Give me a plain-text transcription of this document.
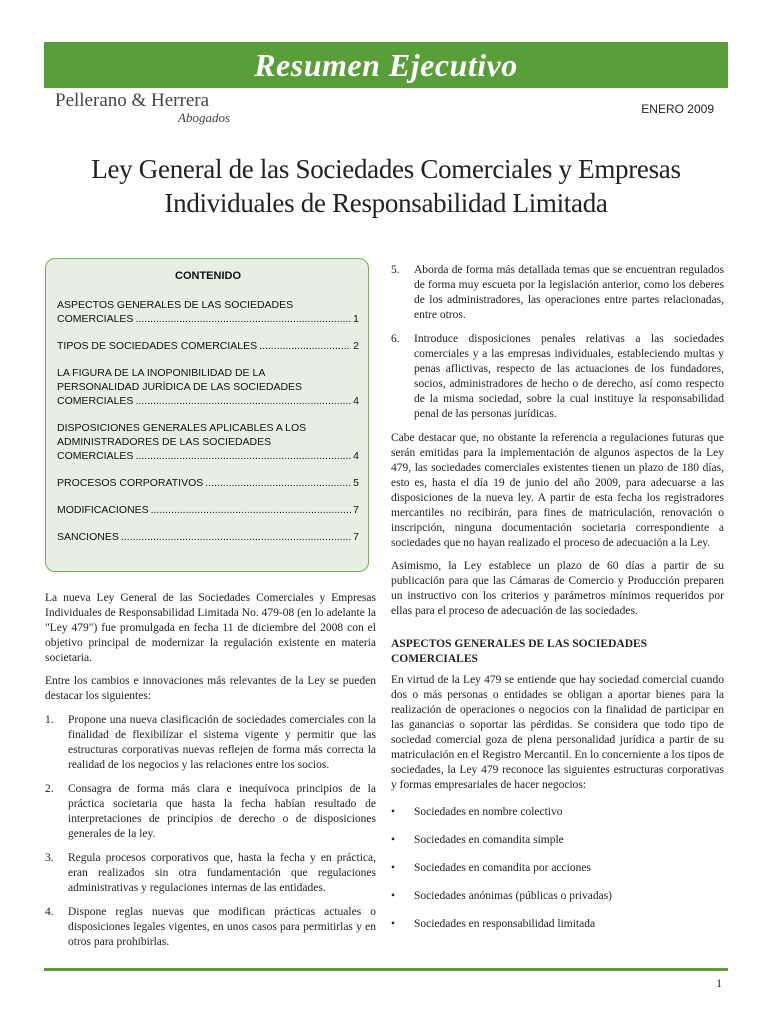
Resumen Ejecutivo
Pellerano & Herrera
Abogados
ENERO 2009
Ley General de las Sociedades Comerciales y Empresas
Individuales de Responsabilidad Limitada
CONTENIDO
ASPECTOS GENERALES DE LAS SOCIEDADES
COMERCIALES .....	1
TIPOS DE SOCIEDADES COMERCIALES .....	2
LA FIGURA DE LA INOPONIBILIDAD DE LA
PERSONALIDAD JURÍDICA DE LAS SOCIEDADES
COMERCIALES .....	4
DISPOSICIONES GENERALES APLICABLES A LOS
ADMINISTRADORES DE LAS SOCIEDADES
COMERCIALES .....	4
PROCESOS CORPORATIVOS .....	5
MODIFICACIONES .....	7
SANCIONES .....	7

La nueva Ley General de las Sociedades Comerciales y Empresas Individuales de Responsabilidad Limitada No. 479-08 (en lo adelante la "Ley 479") fue promulgada en fecha 11 de diciembre del 2008 con el objetivo principal de modernizar la regulación existente en materia societaria.

Entre los cambios e innovaciones más relevantes de la Ley se pueden destacar los siguientes:

1.	Propone una nueva clasificación de sociedades comerciales con la finalidad de flexibilizar el sistema vigente y permitir que las estructuras corporativas nuevas reflejen de forma más correcta la realidad de los negocios y las relaciones entre los socios.
2.	Consagra de forma más clara e inequívoca principios de la práctica societaria que hasta la fecha habían resultado de interpretaciones de principios de derecho o de disposiciones generales de la ley.
3.	Regula procesos corporativos que, hasta la fecha y en práctica, eran realizados sin otra fundamentación que regulaciones administrativas y regulaciones internas de las entidades.
4.	Dispone reglas nuevas que modifican prácticas actuales o disposiciones legales vigentes, en unos casos para permitirlas y en otros para prohibirlas.
5.	Aborda de forma más detallada temas que se encuentran regulados de forma muy escueta por la legislación anterior, como los deberes de los administradores, las operaciones entre partes relacionadas, entre otros.
6.	Introduce disposiciones penales relativas a las sociedades comerciales y a las empresas individuales, estableciendo multas y penas aflictivas, respecto de las actuaciones de los fundadores, socios, administradores de hecho o de derecho, así como respecto de la misma sociedad, sobre la cual instituye la responsabilidad penal de las personas jurídicas.

Cabe destacar que, no obstante la referencia a regulaciones futuras que serán emitidas para la implementación de algunos aspectos de la Ley 479, las sociedades comerciales existentes tienen un plazo de 180 días, esto es, hasta el día 19 de junio del año 2009, para adecuarse a las disposiciones de la nueva ley. A partir de esta fecha los registradores mercantiles no recibirán, para fines de matriculación, renovación o inscripción, ninguna documentación societaria correspondiente a sociedades que no hayan realizado el proceso de adecuación a la Ley.

Asimismo, la Ley establece un plazo de 60 días a partir de su publicación para que las Cámaras de Comercio y Producción preparen un instructivo con los criterios y parámetros mínimos requeridos por ellas para el proceso de adecuación de las sociedades.

ASPECTOS GENERALES DE LAS SOCIEDADES COMERCIALES

En virtud de la Ley 479 se entiende que hay sociedad comercial cuando dos o más personas o entidades se obligan a aportar bienes para la realización de operaciones o negocios con la finalidad de participar en las ganancias o soportar las pérdidas. Se considera que todo tipo de sociedad comercial goza de plena personalidad jurídica a partir de su matriculación en el Registro Mercantil. En lo concerniente a los tipos de sociedades, la Ley 479 reconoce las siguientes estructuras corporativas y formas empresariales de hacer negocios:

•	Sociedades en nombre colectivo
•	Sociedades en comandita simple
•	Sociedades en comandita por acciones
•	Sociedades anónimas (públicas o privadas)
•	Sociedades en responsabilidad limitada
1
